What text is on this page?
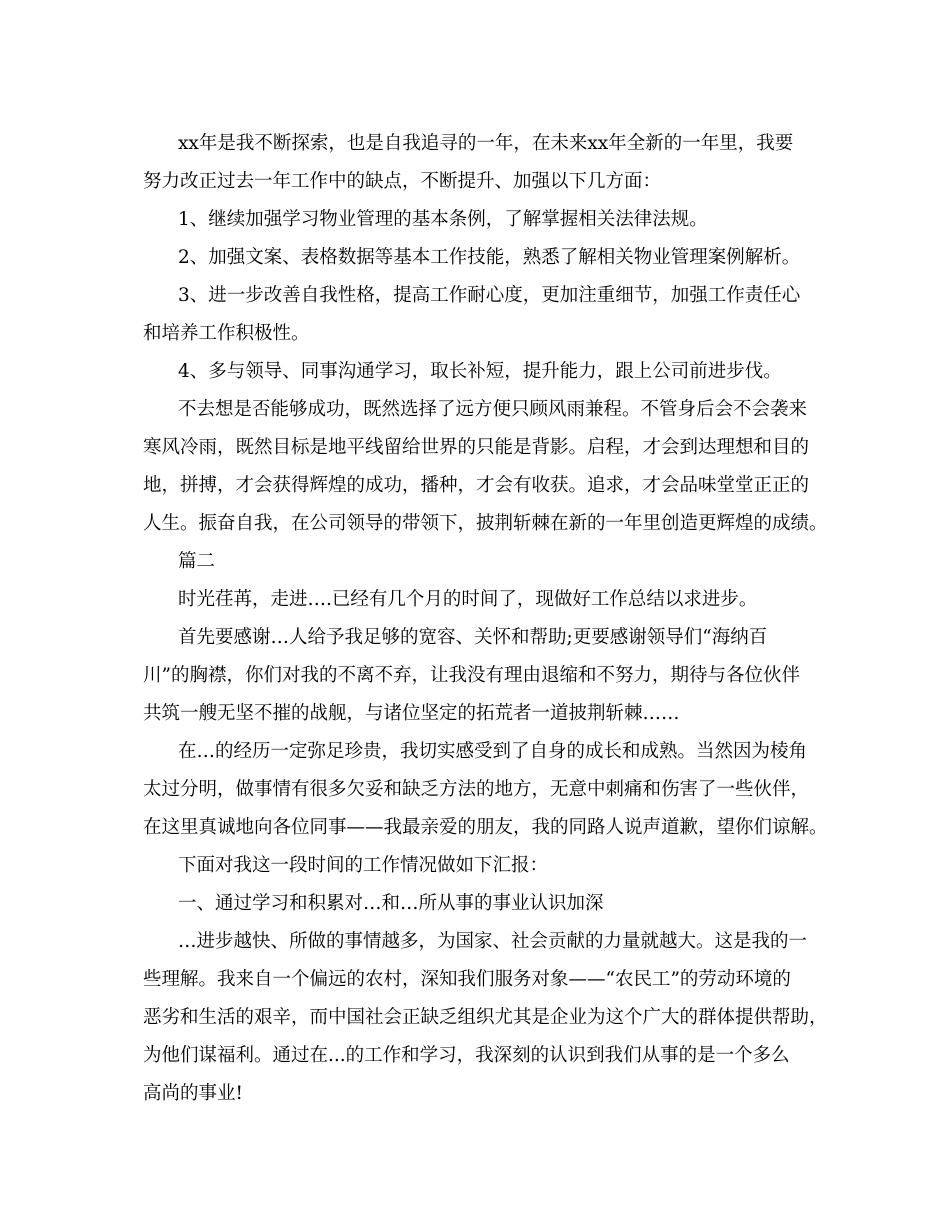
xx年是我不断探索，也是自我追寻的一年，在未来xx年全新的一年里，我要

努力改正过去一年工作中的缺点，不断提升、加强以下几方面：

1、继续加强学习物业管理的基本条例，了解掌握相关法律法规。

2、加强文案、表格数据等基本工作技能，熟悉了解相关物业管理案例解析。

3、进一步改善自我性格，提高工作耐心度，更加注重细节，加强工作责任心

和培养工作积极性。

4、多与领导、同事沟通学习，取长补短，提升能力，跟上公司前进步伐。

不去想是否能够成功，既然选择了远方便只顾风雨兼程。不管身后会不会袭来

寒风冷雨，既然目标是地平线留给世界的只能是背影。启程，才会到达理想和目的

地，拼搏，才会获得辉煌的成功，播种，才会有收获。追求，才会品味堂堂正正的

人生。振奋自我，在公司领导的带领下，披荆斩棘在新的一年里创造更辉煌的成绩。

篇二

时光荏苒，走进….已经有几个月的时间了，现做好工作总结以求进步。

首先要感谢…人给予我足够的宽容、关怀和帮助;更要感谢领导们“海纳百

川”的胸襟，你们对我的不离不弃，让我没有理由退缩和不努力，期待与各位伙伴

共筑一艘无坚不摧的战舰，与诸位坚定的拓荒者一道披荆斩棘……

在…的经历一定弥足珍贵，我切实感受到了自身的成长和成熟。当然因为棱角

太过分明，做事情有很多欠妥和缺乏方法的地方，无意中刺痛和伤害了一些伙伴，

在这里真诚地向各位同事——我最亲爱的朋友，我的同路人说声道歉，望你们谅解。

下面对我这一段时间的工作情况做如下汇报：

一、通过学习和积累对…和…所从事的事业认识加深

…进步越快、所做的事情越多，为国家、社会贡献的力量就越大。这是我的一

些理解。我来自一个偏远的农村，深知我们服务对象——“农民工”的劳动环境的

恶劣和生活的艰辛，而中国社会正缺乏组织尤其是企业为这个广大的群体提供帮助，

为他们谋福利。通过在...的工作和学习，我深刻的认识到我们从事的是一个多么

高尚的事业!
